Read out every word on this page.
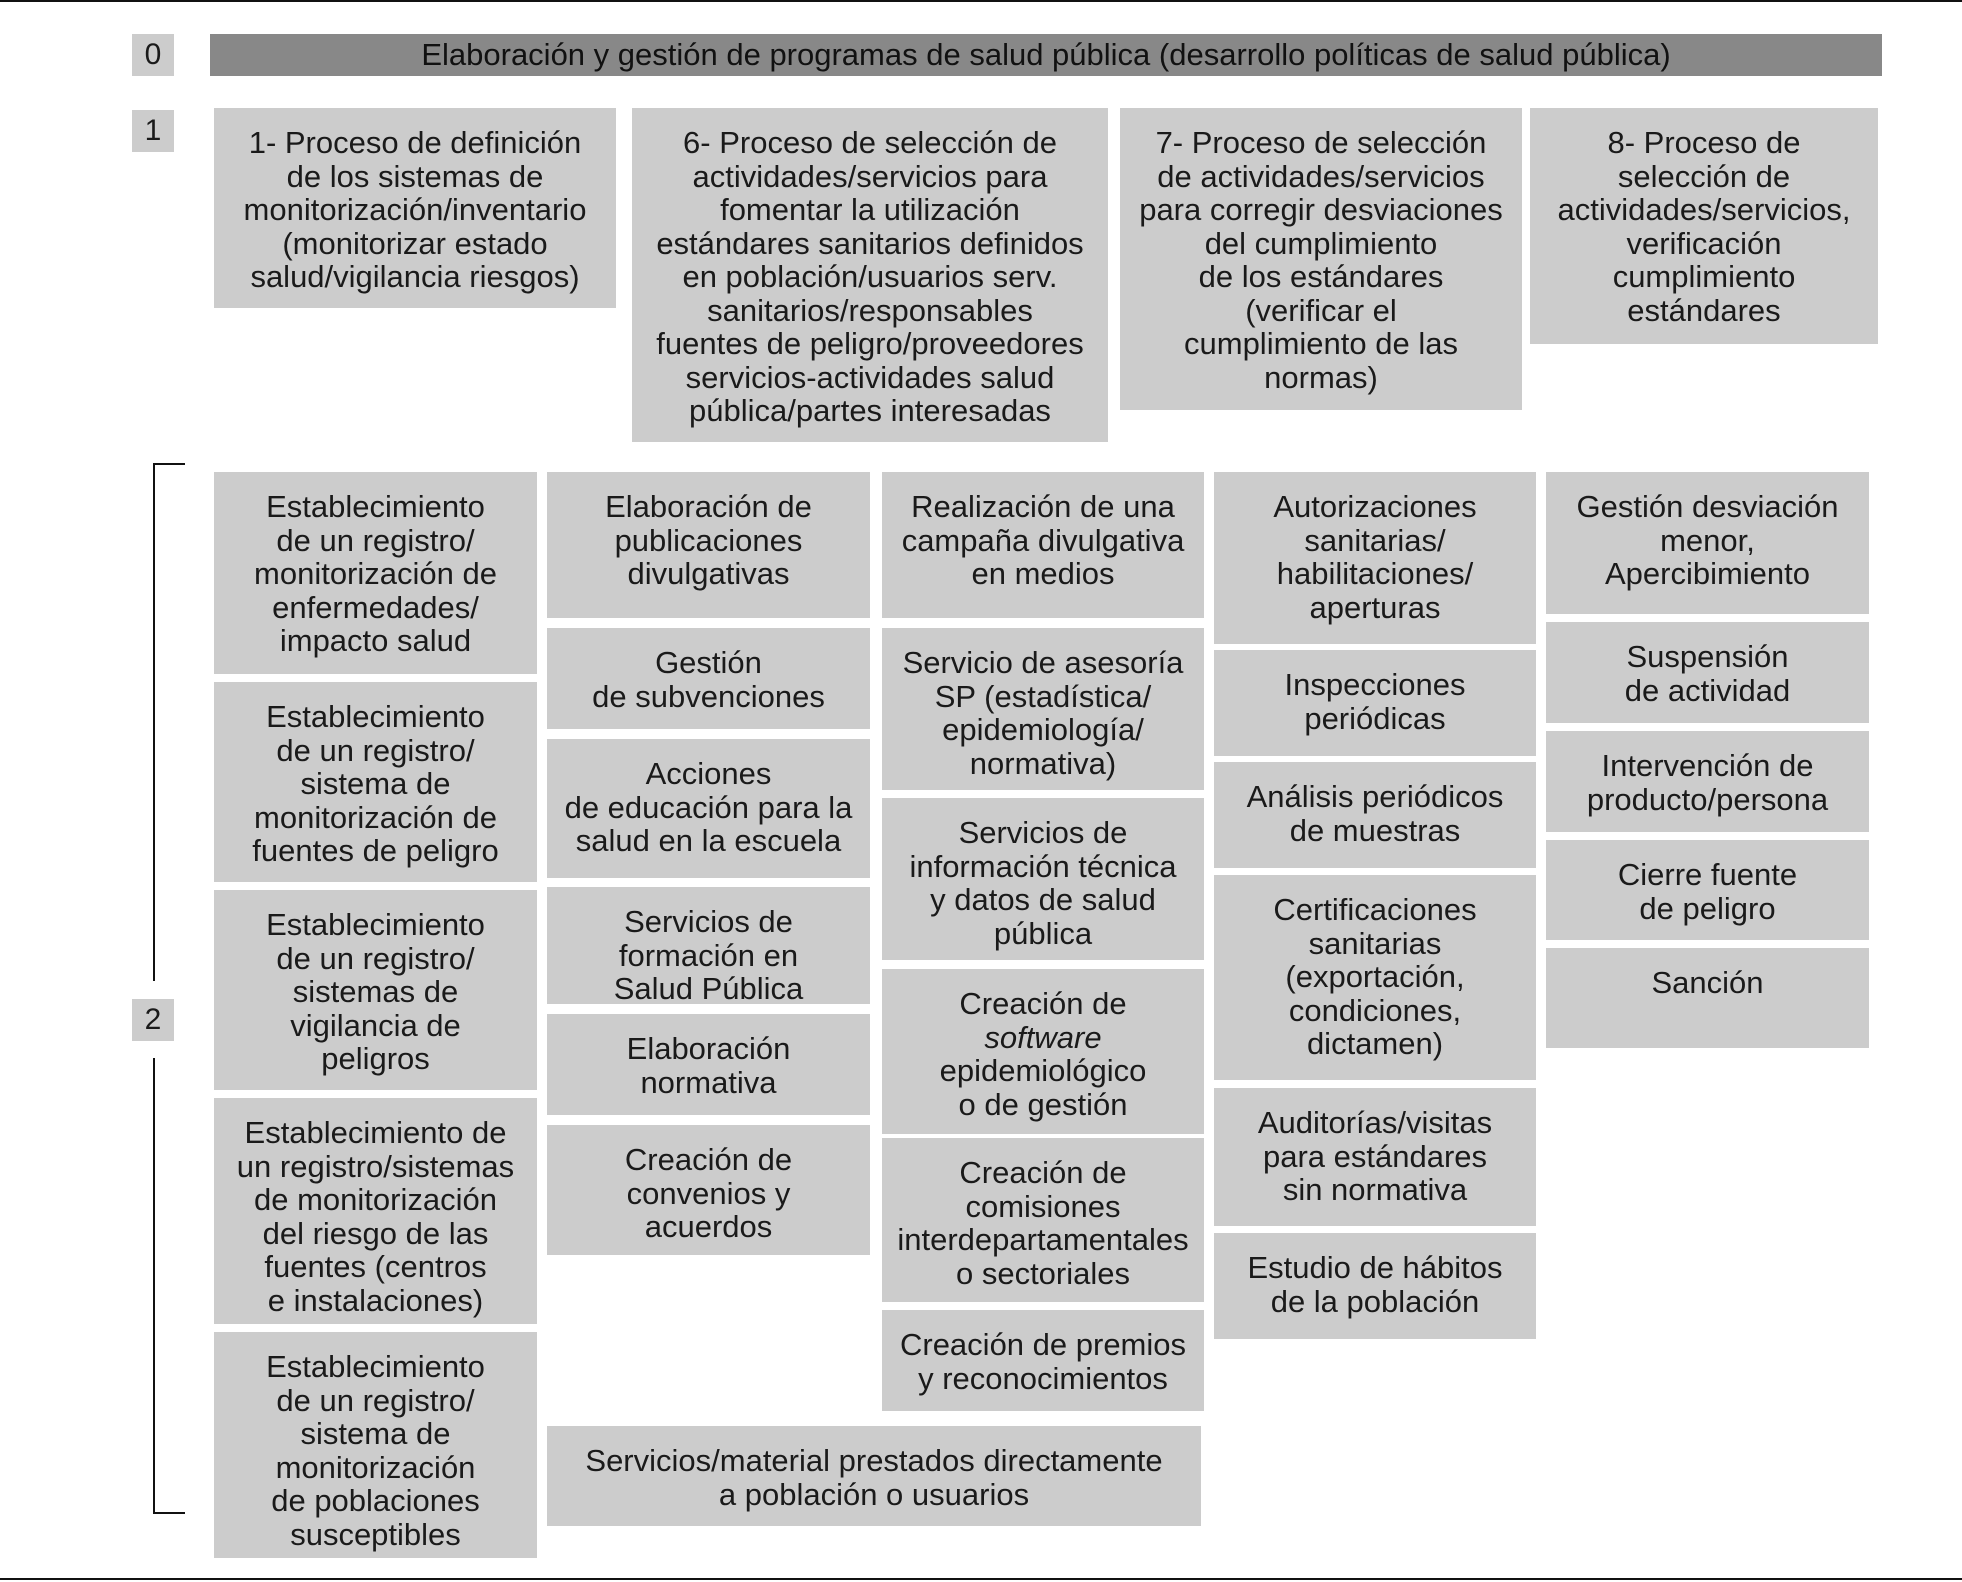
0	Elaboración y gestión de programas de salud pública (desarrollo políticas de salud pública)
1	1- Proceso de definición
de los sistemas de
monitorización/inventario
(monitorizar estado
salud/vigilancia riesgos)
6- Proceso de selección de
actividades/servicios para
fomentar la utilización
estándares sanitarios definidos
en población/usuarios serv.
sanitarios/responsables
fuentes de peligro/proveedores
servicios-actividades salud
pública/partes interesadas
7- Proceso de selección
de actividades/servicios
para corregir desviaciones
del cumplimiento
de los estándares
(verificar el
cumplimiento de las
normas)
8- Proceso de
selección de
actividades/servicios,
verificación
cumplimiento
estándares
2
Establecimiento
de un registro/
monitorización de
enfermedades/
impacto salud
Establecimiento
de un registro/
sistema de
monitorización de
fuentes de peligro
Establecimiento
de un registro/
sistemas de
vigilancia de
peligros
Establecimiento de
un registro/sistemas
de monitorización
del riesgo de las
fuentes (centros
e instalaciones)
Establecimiento
de un registro/
sistema de
monitorización
de poblaciones
susceptibles
Elaboración de
publicaciones
divulgativas
Gestión
de subvenciones
Acciones
de educación para la
salud en la escuela
Servicios de
formación en
Salud Pública
Elaboración
normativa
Creación de
convenios y
acuerdos
Realización de una
campaña divulgativa
en medios
Servicio de asesoría
SP (estadística/
epidemiología/
normativa)
Servicios de
información técnica
y datos de salud
pública
Creación de
software
epidemiológico
o de gestión
Creación de
comisiones
interdepartamentales
o sectoriales
Creación de premios
y reconocimientos
Autorizaciones
sanitarias/
habilitaciones/
aperturas
Inspecciones
periódicas
Análisis periódicos
de muestras
Certificaciones
sanitarias
(exportación,
condiciones,
dictamen)
Auditorías/visitas
para estándares
sin normativa
Estudio de hábitos
de la población
Gestión desviación
menor,
Apercibimiento
Suspensión
de actividad
Intervención de
producto/persona
Cierre fuente
de peligro
Sanción
Servicios/material prestados directamente
a población o usuarios
